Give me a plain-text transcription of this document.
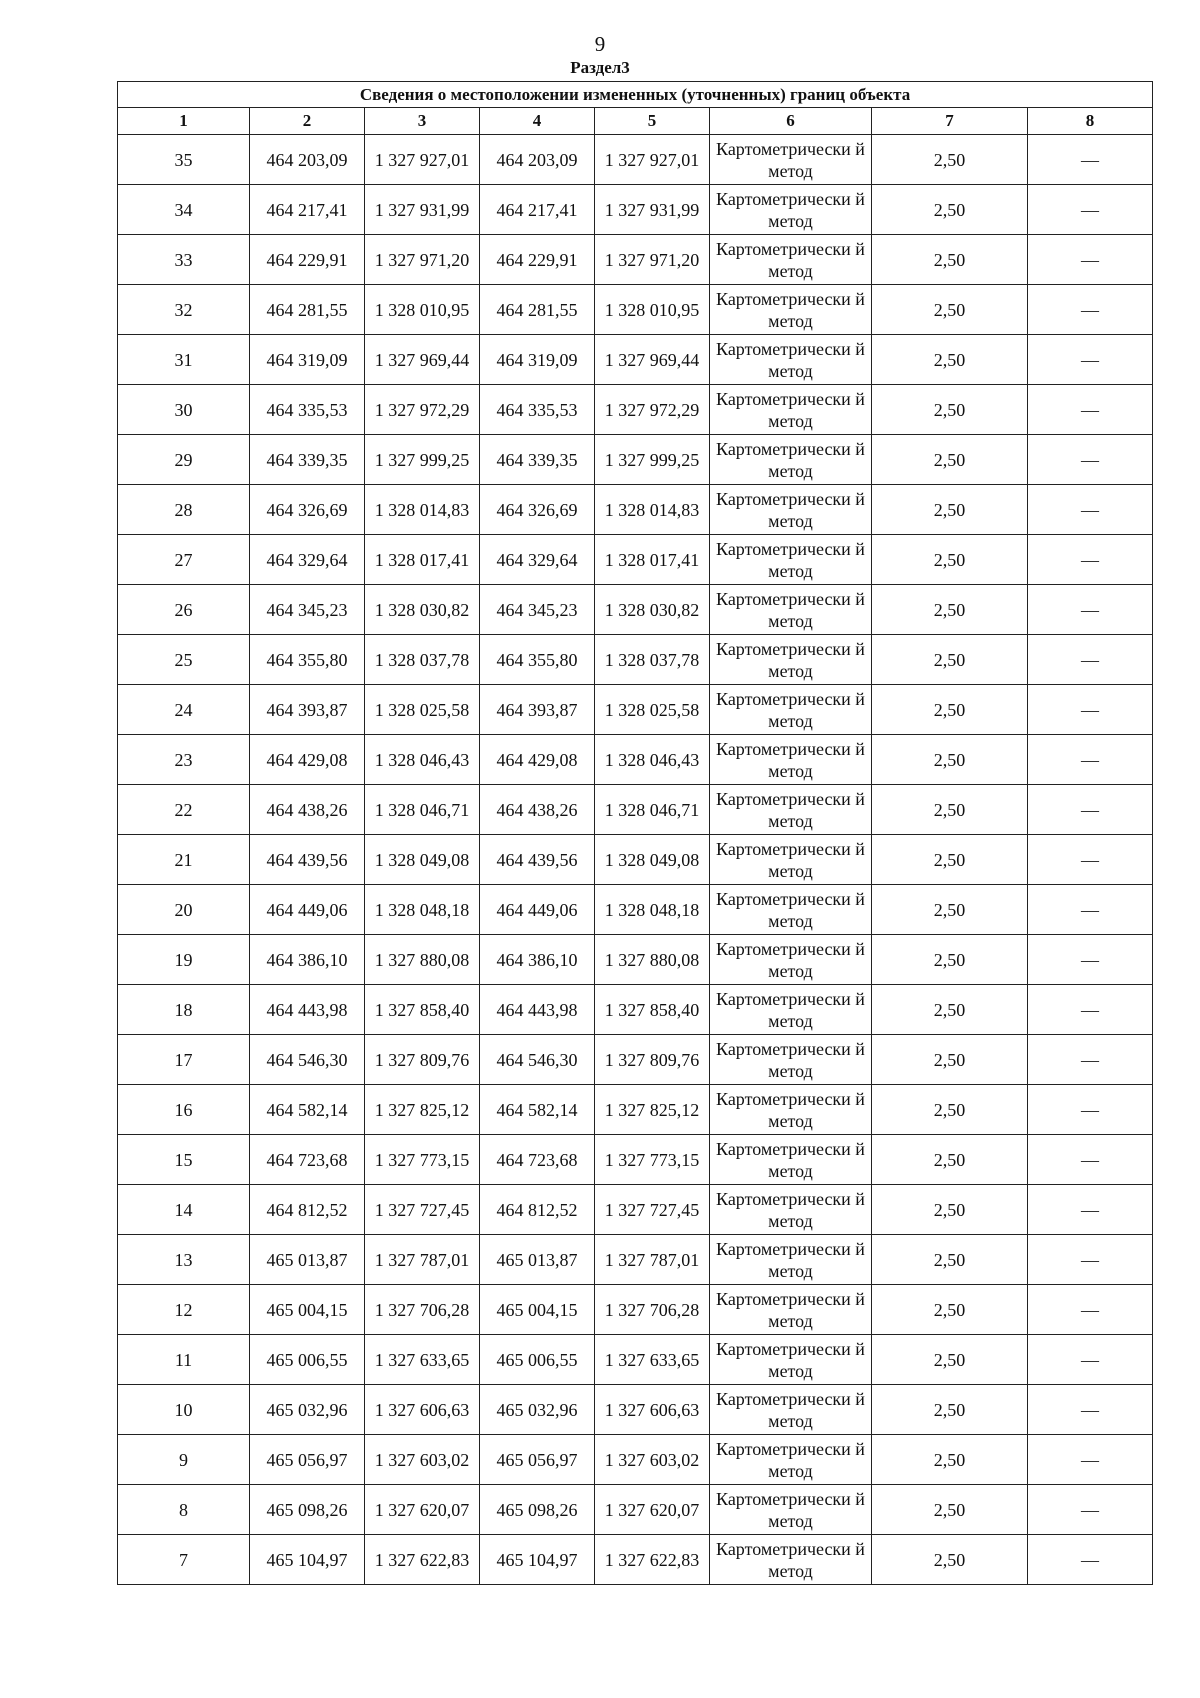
9
Раздел3
Сведения о местоположении измененных (уточненных) границ объекта							
1	2	3	4	5	6	7	8
35	464 203,09	1 327 927,01	464 203,09	1 327 927,01	Картометрически й метод	2,50	—
34	464 217,41	1 327 931,99	464 217,41	1 327 931,99	Картометрически й метод	2,50	—
33	464 229,91	1 327 971,20	464 229,91	1 327 971,20	Картометрически й метод	2,50	—
32	464 281,55	1 328 010,95	464 281,55	1 328 010,95	Картометрически й метод	2,50	—
31	464 319,09	1 327 969,44	464 319,09	1 327 969,44	Картометрически й метод	2,50	—
30	464 335,53	1 327 972,29	464 335,53	1 327 972,29	Картометрически й метод	2,50	—
29	464 339,35	1 327 999,25	464 339,35	1 327 999,25	Картометрически й метод	2,50	—
28	464 326,69	1 328 014,83	464 326,69	1 328 014,83	Картометрически й метод	2,50	—
27	464 329,64	1 328 017,41	464 329,64	1 328 017,41	Картометрически й метод	2,50	—
26	464 345,23	1 328 030,82	464 345,23	1 328 030,82	Картометрически й метод	2,50	—
25	464 355,80	1 328 037,78	464 355,80	1 328 037,78	Картометрически й метод	2,50	—
24	464 393,87	1 328 025,58	464 393,87	1 328 025,58	Картометрически й метод	2,50	—
23	464 429,08	1 328 046,43	464 429,08	1 328 046,43	Картометрически й метод	2,50	—
22	464 438,26	1 328 046,71	464 438,26	1 328 046,71	Картометрически й метод	2,50	—
21	464 439,56	1 328 049,08	464 439,56	1 328 049,08	Картометрически й метод	2,50	—
20	464 449,06	1 328 048,18	464 449,06	1 328 048,18	Картометрически й метод	2,50	—
19	464 386,10	1 327 880,08	464 386,10	1 327 880,08	Картометрически й метод	2,50	—
18	464 443,98	1 327 858,40	464 443,98	1 327 858,40	Картометрически й метод	2,50	—
17	464 546,30	1 327 809,76	464 546,30	1 327 809,76	Картометрически й метод	2,50	—
16	464 582,14	1 327 825,12	464 582,14	1 327 825,12	Картометрически й метод	2,50	—
15	464 723,68	1 327 773,15	464 723,68	1 327 773,15	Картометрически й метод	2,50	—
14	464 812,52	1 327 727,45	464 812,52	1 327 727,45	Картометрически й метод	2,50	—
13	465 013,87	1 327 787,01	465 013,87	1 327 787,01	Картометрически й метод	2,50	—
12	465 004,15	1 327 706,28	465 004,15	1 327 706,28	Картометрически й метод	2,50	—
11	465 006,55	1 327 633,65	465 006,55	1 327 633,65	Картометрически й метод	2,50	—
10	465 032,96	1 327 606,63	465 032,96	1 327 606,63	Картометрически й метод	2,50	—
9	465 056,97	1 327 603,02	465 056,97	1 327 603,02	Картометрически й метод	2,50	—
8	465 098,26	1 327 620,07	465 098,26	1 327 620,07	Картометрически й метод	2,50	—
7	465 104,97	1 327 622,83	465 104,97	1 327 622,83	Картометрически й метод	2,50	—
